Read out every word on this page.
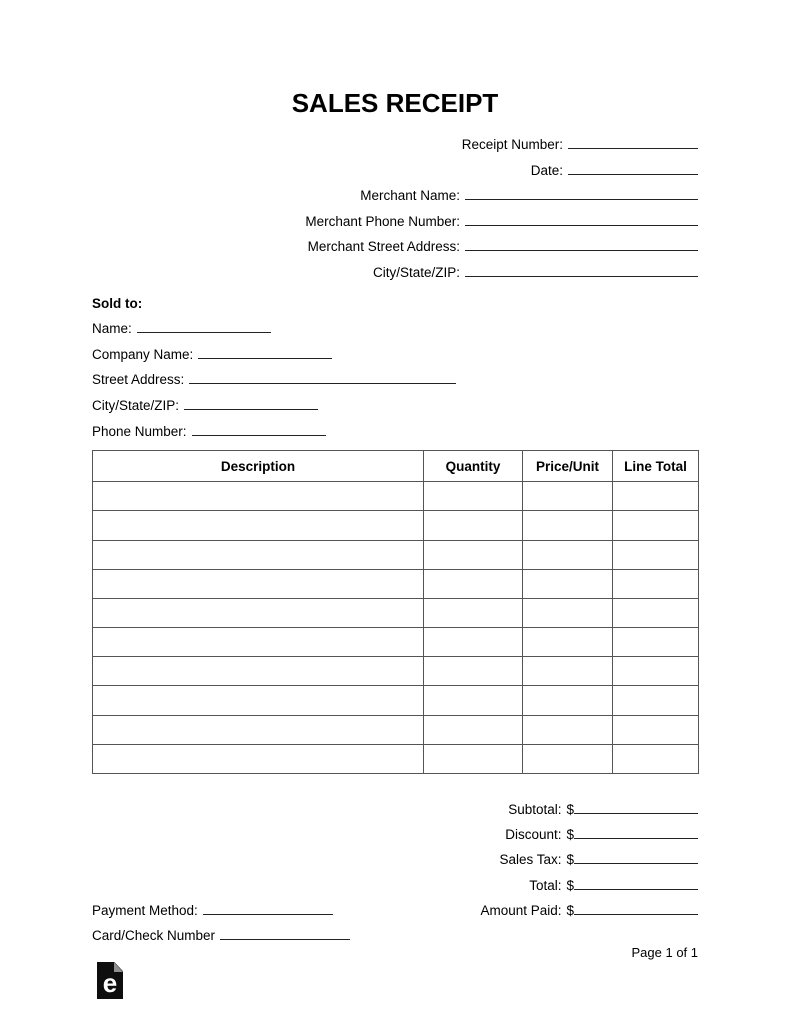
SALES RECEIPT
Receipt Number:
Date:
Merchant Name:
Merchant Phone Number:
Merchant Street Address:
City/State/ZIP:
Sold to:
Name:
Company Name:
Street Address:
City/State/ZIP:
Phone Number:
Description	Quantity	Price/Unit	Line Total

Subtotal: $
Discount: $
Sales Tax: $
Total: $
Amount Paid: $
Payment Method:
Card/Check Number
Page 1 of 1
e
